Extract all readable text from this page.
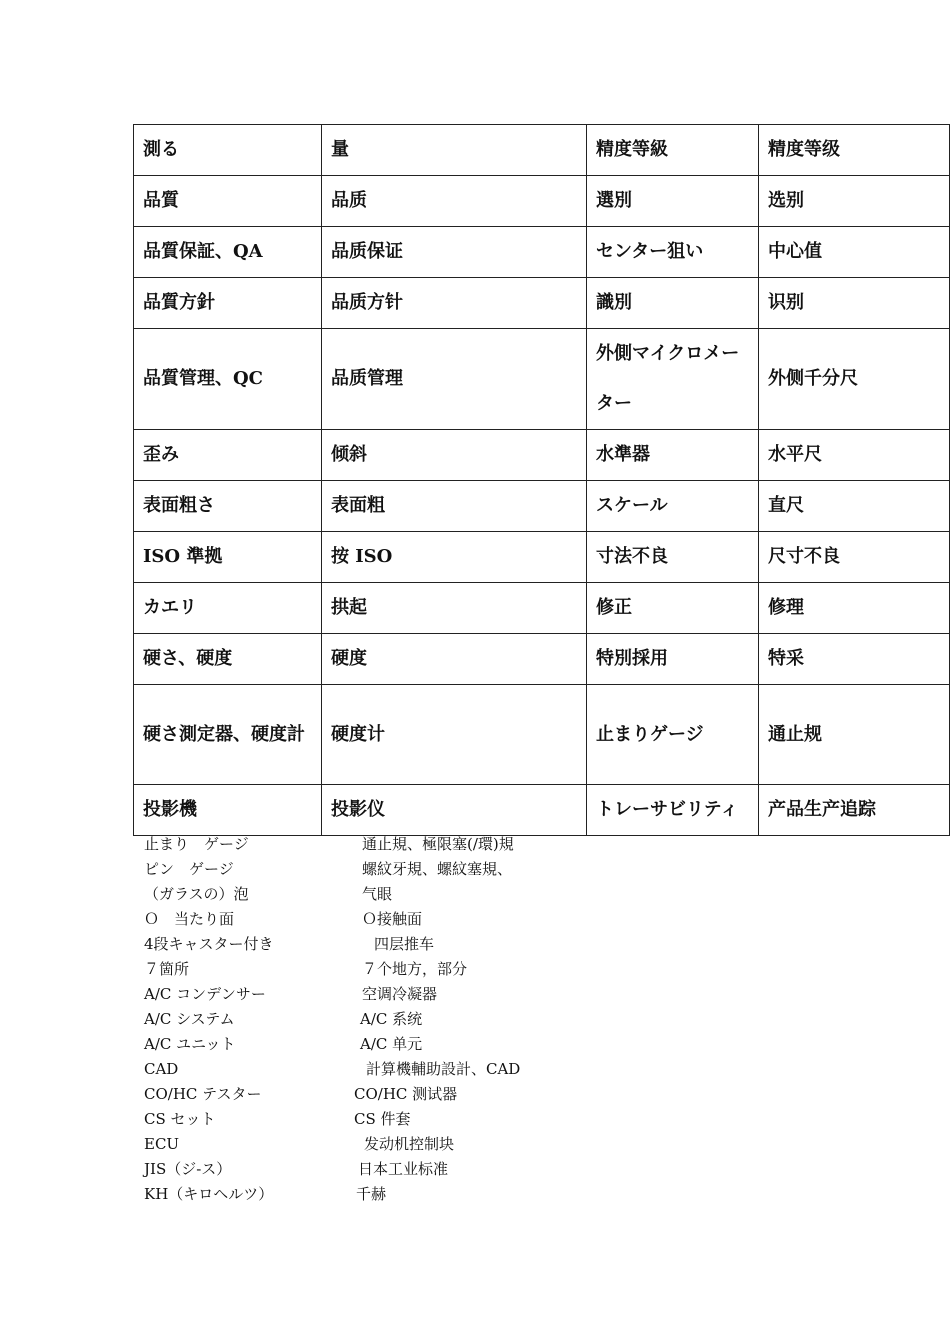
測る	量	精度等級	精度等级
品質	品质	選別	选别
品質保証、QA	品质保证	センター狙い	中心值
品質方針	品质方针	識別	识别
品質管理、QC	品质管理	外側マイクロメーター	外侧千分尺
歪み	倾斜	水準器	水平尺
表面粗さ	表面粗	スケール	直尺
ISO 準拠	按 ISO	寸法不良	尺寸不良
カエリ	拱起	修正	修理
硬さ、硬度	硬度	特別採用	特采
硬さ測定器、硬度計	硬度计	止まりゲージ	通止规
投影機	投影仪	トレーサビリティ	产品生产追踪
止まり　ゲージ	通止規、極限塞(/環)規
ピン　ゲージ	螺紋牙規、螺紋塞規、
（ガラスの）泡	气眼
Ｏ　当たり面	Ｏ接触面
4段キャスター付き	四层推车
７箇所	７个地方，部分
A/C コンデンサー	空调冷凝器
A/C システム	A/C 系统
A/C ユニット	A/C 单元
CAD	計算機輔助設計、CAD
CO/HC テスター	CO/HC 测试器
CS セット	CS 件套
ECU	发动机控制块
JIS（ジ-ス）	日本工业标准
KH（キロヘルツ）	千赫
